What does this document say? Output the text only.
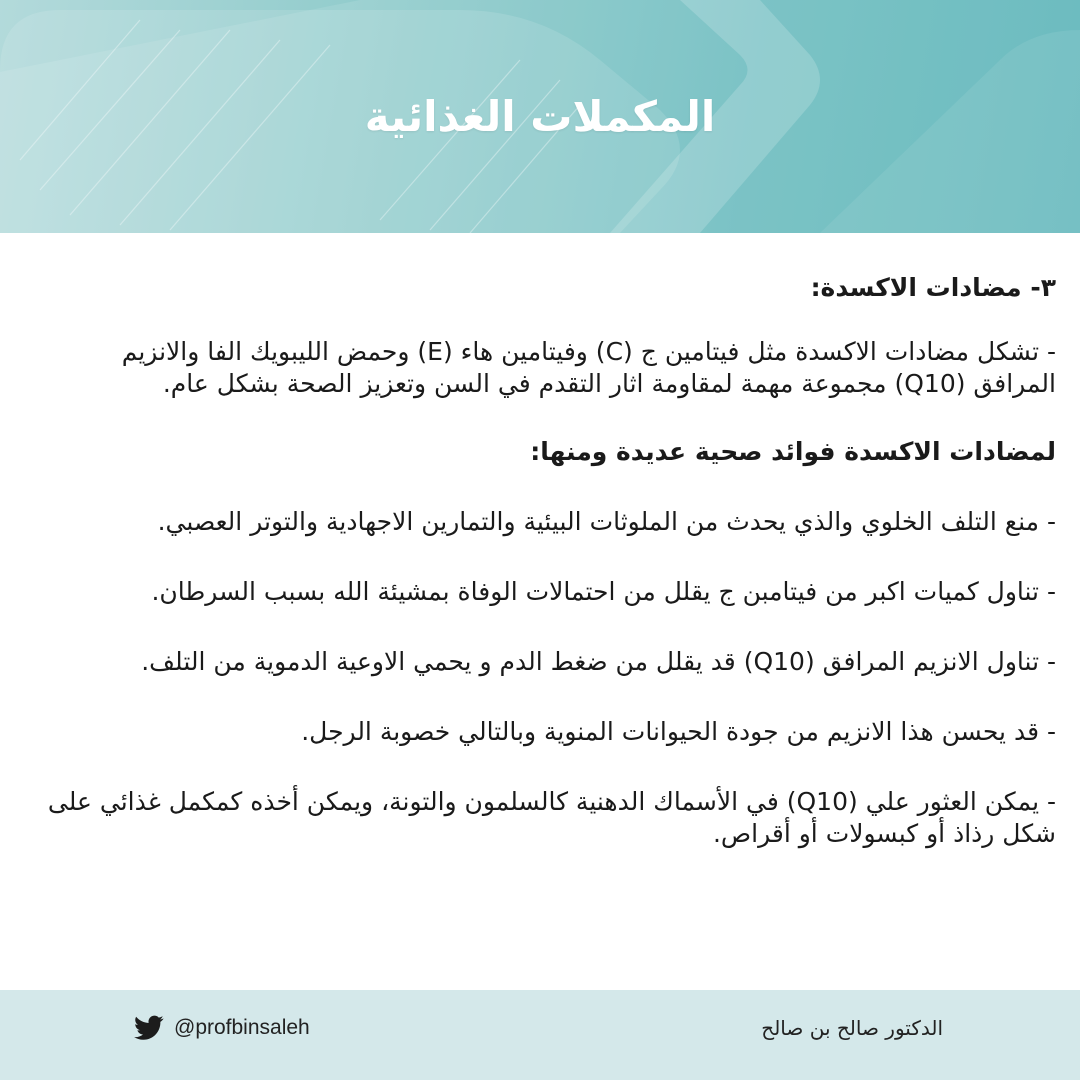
المكملات الغذائية

٣- مضادات الاكسدة:

- تشكل مضادات الاكسدة مثل فيتامين ج (C) وفيتامين هاء (E) وحمض الليبويك الفا والانزيم المرافق (Q10) مجموعة مهمة لمقاومة اثار التقدم في السن وتعزيز الصحة بشكل عام.

لمضادات الاكسدة فوائد صحية عديدة ومنها:

- منع التلف الخلوي والذي يحدث من الملوثات البيئية والتمارين الاجهادية والتوتر العصبي.

- تناول كميات اكبر من فيتامبن ج يقلل من احتمالات الوفاة بمشيئة الله بسبب السرطان.

- تناول الانزيم المرافق (Q10) قد يقلل من ضغط الدم و يحمي الاوعية الدموية من التلف.

- قد يحسن هذا الانزيم من جودة الحيوانات المنوية وبالتالي خصوبة الرجل.

- يمكن العثور علي (Q10) في الأسماك الدهنية كالسلمون والتونة، ويمكن أخذه كمكمل غذائي على شكل رذاذ أو كبسولات أو أقراص.

@profbinsaleh	الدكتور صالح بن صالح
